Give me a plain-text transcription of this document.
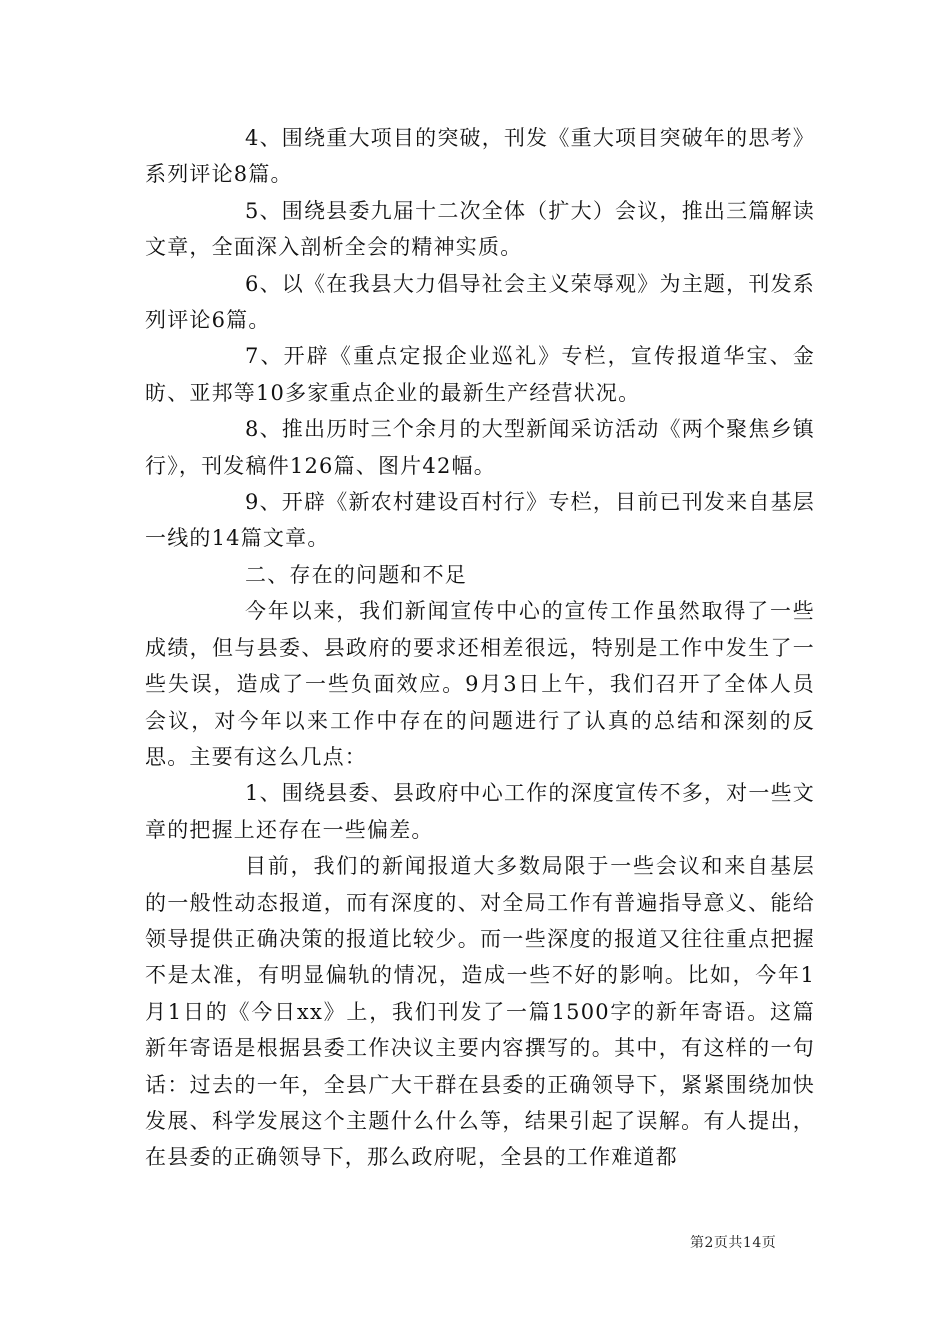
4、围绕重大项目的突破，刊发《重大项目突破年的思考》系列评论8篇。

5、围绕县委九届十二次全体（扩大）会议，推出三篇解读文章，全面深入剖析全会的精神实质。

6、以《在我县大力倡导社会主义荣辱观》为主题，刊发系列评论6篇。

7、开辟《重点定报企业巡礼》专栏，宣传报道华宝、金昉、亚邦等10多家重点企业的最新生产经营状况。

8、推出历时三个余月的大型新闻采访活动《两个聚焦乡镇行》，刊发稿件126篇、图片42幅。

9、开辟《新农村建设百村行》专栏，目前已刊发来自基层一线的14篇文章。

二、存在的问题和不足

今年以来，我们新闻宣传中心的宣传工作虽然取得了一些成绩，但与县委、县政府的要求还相差很远，特别是工作中发生了一些失误，造成了一些负面效应。9月3日上午，我们召开了全体人员会议，对今年以来工作中存在的问题进行了认真的总结和深刻的反思。主要有这么几点：

1、围绕县委、县政府中心工作的深度宣传不多，对一些文章的把握上还存在一些偏差。

目前，我们的新闻报道大多数局限于一些会议和来自基层的一般性动态报道，而有深度的、对全局工作有普遍指导意义、能给领导提供正确决策的报道比较少。而一些深度的报道又往往重点把握不是太准，有明显偏轨的情况，造成一些不好的影响。比如，今年1月1日的《今日xx》上，我们刊发了一篇1500字的新年寄语。这篇新年寄语是根据县委工作决议主要内容撰写的。其中，有这样的一句话：过去的一年，全县广大干群在县委的正确领导下，紧紧围绕加快发展、科学发展这个主题什么什么等，结果引起了误解。有人提出，在县委的正确领导下，那么政府呢，全县的工作难道都

第2页共14页
